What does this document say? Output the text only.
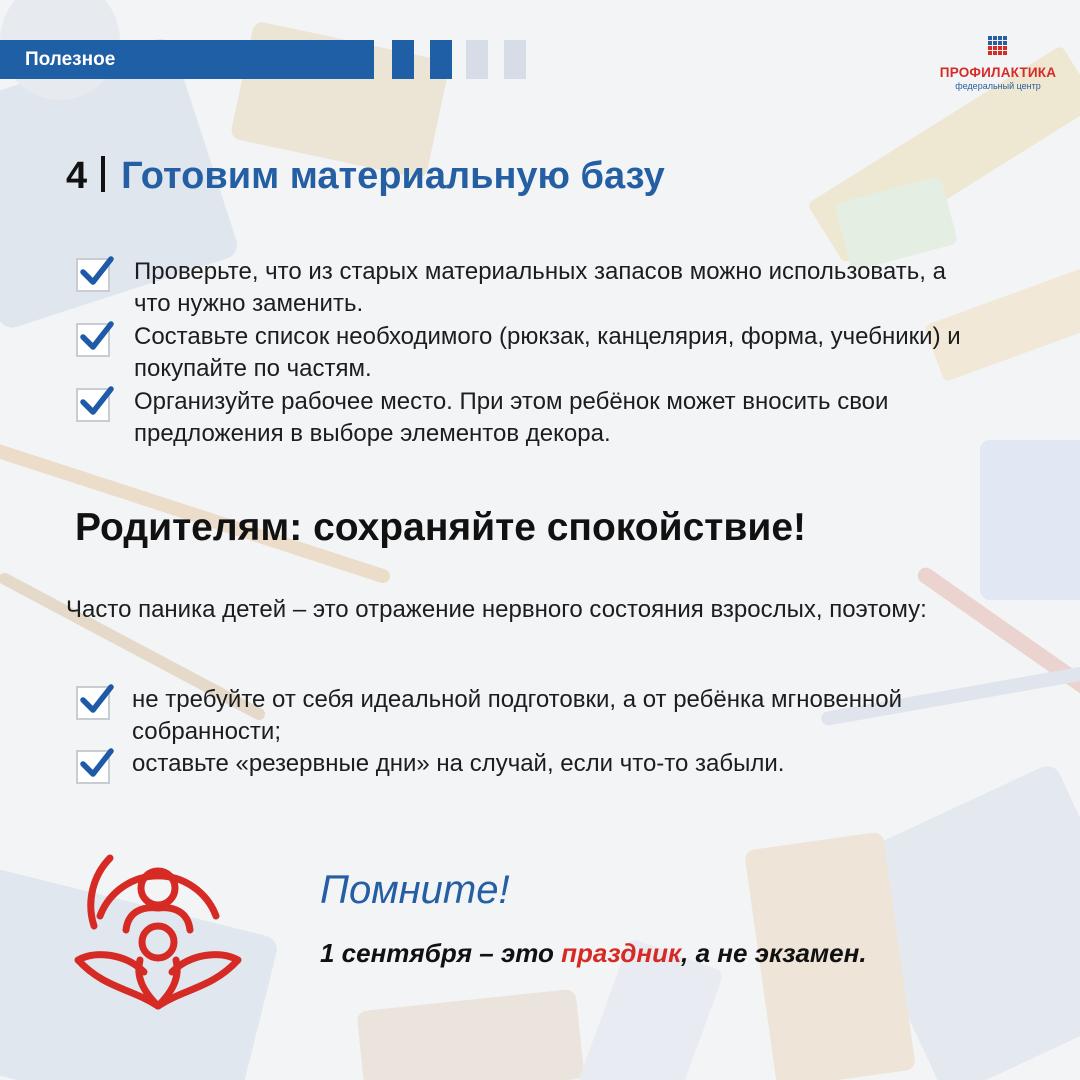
Полезное
ПРОФИЛАКТИКА
федеральный центр
4 Готовим материальную базу
Проверьте, что из старых материальных запасов можно использовать, а что нужно заменить.
Составьте список необходимого (рюкзак, канцелярия, форма, учебники) и покупайте по частям.
Организуйте рабочее место. При этом ребёнок может вносить свои предложения в выборе элементов декора.
Родителям: сохраняйте спокойствие!
Часто паника детей – это отражение нервного состояния взрослых, поэтому:
не требуйте от себя идеальной подготовки, а от ребёнка мгновенной собранности;
оставьте «резервные дни» на случай, если что-то забыли.
Помните!
1 сентября – это праздник, а не экзамен.
